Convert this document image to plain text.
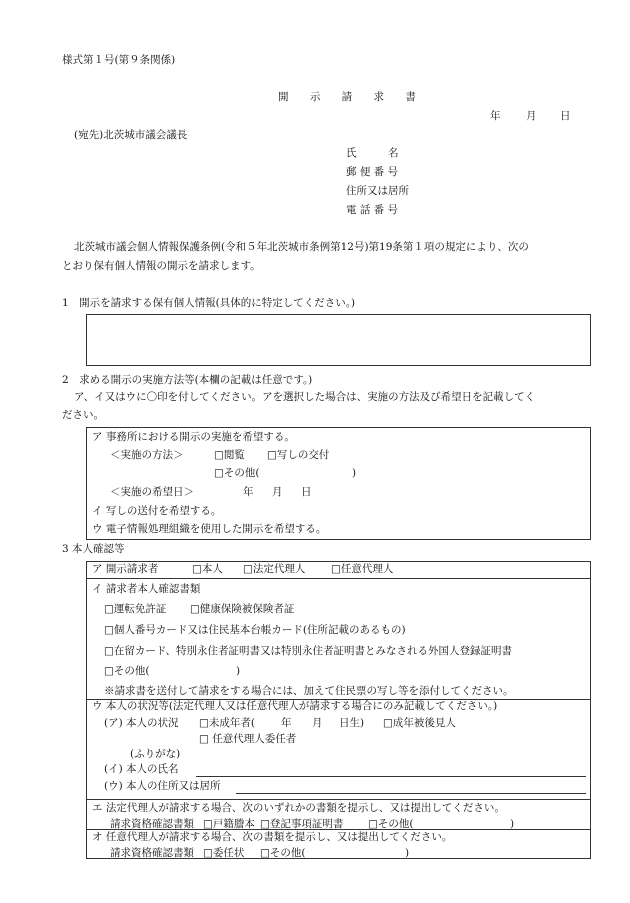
様式第１号(第９条関係)
開 示 請 求 書
年 月 日
(宛先)北茨城市議会議長
氏　　　名
郵 便 番 号
住所又は居所
電 話 番 号
北茨城市議会個人情報保護条例(令和５年北茨城市条例第12号)第19条第１項の規定により、次の
とおり保有個人情報の開示を請求します。
1　開示を請求する保有個人情報(具体的に特定してください。)
2　求める開示の実施方法等(本欄の記載は任意です。)
ア、イ又はウに〇印を付してください。アを選択した場合は、実施の方法及び希望日を記載してく
ださい。
ア 事務所における開示の実施を希望する。
＜実施の方法＞	□閲覧 □写しの交付
□その他(	)
＜実施の希望日＞	年 月 日
イ 写しの送付を希望する。
ウ 電子情報処理組織を使用した開示を希望する。
3 本人確認等
ア 開示請求者	□本人 □法定代理人 □任意代理人
イ 請求者本人確認書類
□運転免許証 □健康保険被保険者証
□個人番号カード又は住民基本台帳カード(住所記載のあるもの)
□在留カード、特別永住者証明書又は特別永住者証明書とみなされる外国人登録証明書
□その他(	)
※請求書を送付して請求をする場合には、加えて住民票の写し等を添付してください。
ウ 本人の状況等(法定代理人又は任意代理人が請求する場合にのみ記載してください。)
(ア) 本人の状況 □未成年者( 年 月 日生) □成年被後見人
□ 任意代理人委任者
(ふりがな)
(イ) 本人の氏名
(ウ) 本人の住所又は居所
エ 法定代理人が請求する場合、次のいずれかの書類を提示し、又は提出してください。
請求資格確認書類 □戸籍謄本 □登記事項証明書 □その他(	)
オ 任意代理人が請求する場合、次の書類を提示し、又は提出してください。
請求資格確認書類 □委任状 □その他(	)
